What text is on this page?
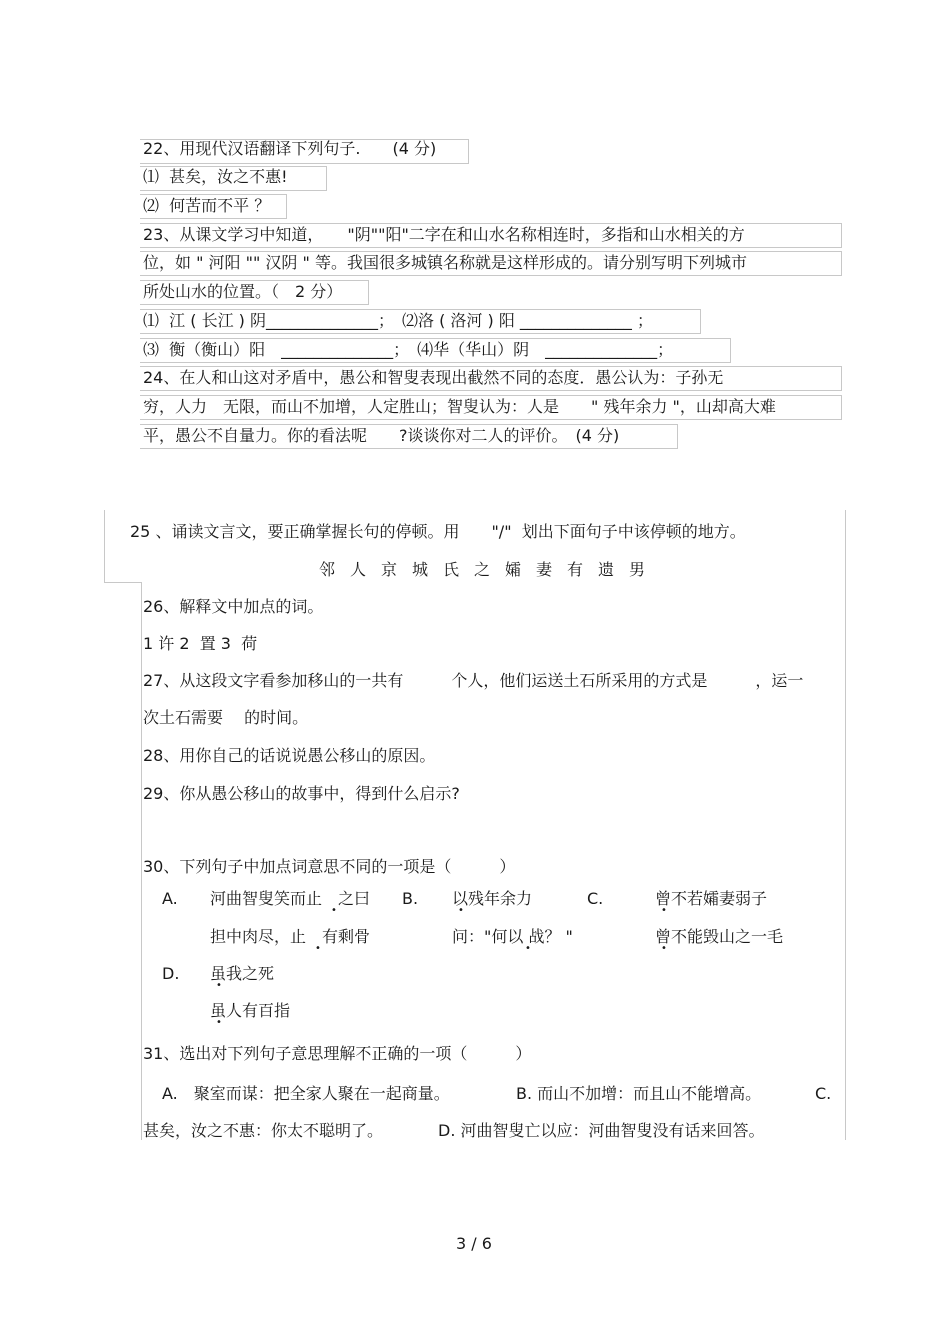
22、用现代汉语翻译下列句子.　　(4 分)
⑴  甚矣，汝之不惠!
⑵  何苦而不平 ？
23、从课文学习中知道，　　"阴""阳"二字在和山水名称相连时，多指和山水相关的方
位，如 " 河阳 "" 汉阴 " 等。我国很多城镇名称就是这样形成的。请分别写明下列城市
所处山水的位置。（　2 分）
⑴  江 ( 长江 ) 阴______________；　⑵洛 ( 洛河 ) 阳 ______________ ；
⑶  衡（衡山）阳　______________；　⑷华（华山）阴　______________；
24、在人和山这对矛盾中，愚公和智叟表现出截然不同的态度．愚公认为：子孙无
穷，人力　无限，而山不加增，人定胜山；智叟认为：人是　　" 残年余力 "，山却高大难
平，愚公不自量力。你的看法呢　　?谈谈你对二人的评价。　(4 分)
25 、诵读文言文，要正确掌握长句的停顿。用　　"/"  划出下面句子中该停顿的地方。
邻人京城氏之孀妻有遗男
26、解释文中加点的词。
1 许 2  置 3  荷
27、从这段文字看参加移山的一共有　　　个人，他们运送土石所采用的方式是　　　，运一
次土石需要　 的时间。
28、用你自己的话说说愚公移山的原因。
29、你从愚公移山的故事中，得到什么启示?
30、下列句子中加点词意思不同的一项是（　　　）
A. 河曲智叟笑而止　之曰
•
担中肉尽，止　有剩骨
•
B. 以残年余力
•
问："何以 战？ "
•
C.	曾不若孀妻弱子
•
曾不能毁山之一毛
•
D. 虽我之死
•
虽人有百指
•
31、选出对下列句子意思理解不正确的一项（　　　）
A.　聚室而谋：把全家人聚在一起商量。	B. 而山不加增：而且山不能增高。	C.
甚矣，汝之不惠：你太不聪明了。	D. 河曲智叟亡以应：河曲智叟没有话来回答。
3 / 6
